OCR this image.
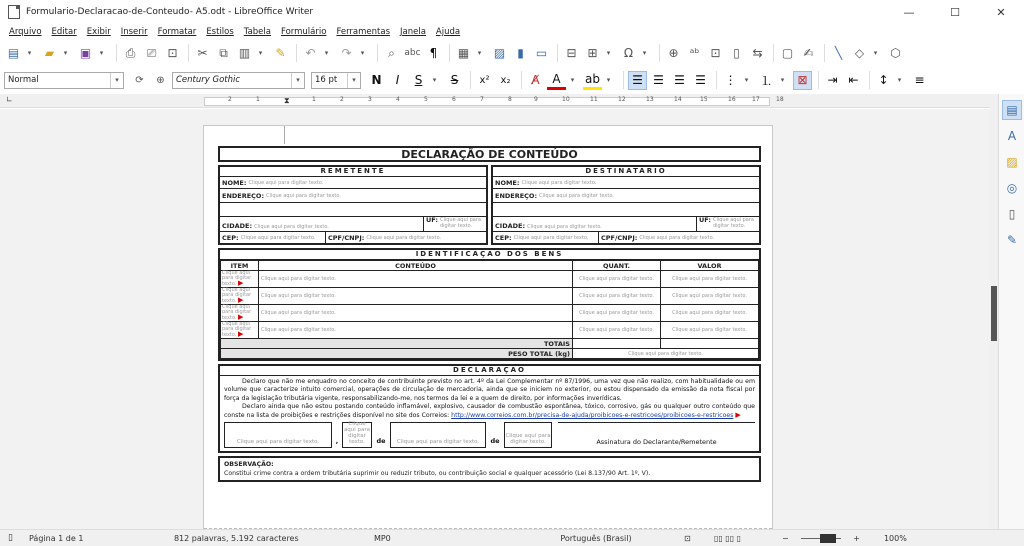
Formulario-Declaracao-de-Conteudo- A5.odt - LibreOffice Writer	—	☐	✕
Arquivo	Editar	Exibir	Inserir	Formatar	Estilos	Tabela	Formulário	Ferramentas	Janela	Ajuda
▤	▾	▰	▾	▣	▾	⎙ ⎚ ⊡	✂ ⧉ ▥	▾	✎	↶	▾	↷	▾	⌕	abc ¶	▦	▾	▨	▮	▭	⊟ ⊞	▾	Ω	▾	⊕ ᵃᵇ ⊡	▯	⇆	▢ ✍	╲	◇	▾	⬡
Normal	▾	⟳	⊕	Century Gothic	▾	16 pt	▾	N	I	S	▾	S	x²	x₂	A̸	A	▾ ab ▾	☰ ☰ ☰ ☰	⋮	▾ ⒈	▾	⊠	⇥ ⇤	↕	▾	≡
∟	2	1	⧗	1	2	3	4	5	6	7	8	9	10	11	12	13	14	15	16	17	18
DECLARAÇÃO DE CONTEÚDO
REMETENTE
NOME: Clique aqui para digitar texto.
ENDEREÇO: Clique aqui para digitar texto.
CIDADE: Clique aqui para digitar texto.
UF: Clique aqui para digitar texto.
CEP: Clique aqui para digitar texto. CPF/CNPJ: Clique aqui para digitar texto.
DESTINATARIO
NOME: Clique aqui para digitar texto.
ENDEREÇO: Clique aqui para digitar texto.
CIDADE: Clique aqui para digitar texto.
UF: Clique aqui para digitar texto.
CEP: Clique aqui para digitar texto. CPF/CNPJ: Clique aqui para digitar texto.
IDENTIFICAÇÃO DOS BENS
ITEM	CONTEÚDO	QUANT.	VALOR
Clique aqui para digitar texto. ▶	Clique aqui para digitar texto.	Clique aqui para digitar texto.	Clique aqui para digitar texto.
Clique aqui para digitar texto. ▶	Clique aqui para digitar texto.	Clique aqui para digitar texto.	Clique aqui para digitar texto.
Clique aqui para digitar texto. ▶	Clique aqui para digitar texto.	Clique aqui para digitar texto.	Clique aqui para digitar texto.
Clique aqui para digitar texto. ▶	Clique aqui para digitar texto.	Clique aqui para digitar texto.	Clique aqui para digitar texto.
TOTAIS			
PESO TOTAL (kg)		Clique aqui para digitar texto.	
DECLARAÇÃO

Declaro que não me enquadro no conceito de contribuinte previsto no art. 4º da Lei Complementar nº 87/1996, uma vez que não realizo, com habitualidade ou em volume que caracterize intuito comercial, operações de circulação de mercadoria, ainda que se iniciem no exterior, ou estou dispensado da emissão da nota fiscal por força da legislação tributária vigente, responsabilizando-me, nos termos da lei e a quem de direito, por informações inverídicas.

Declaro ainda que não estou postando conteúdo inflamável, explosivo, causador de combustão espontânea, tóxico, corrosivo, gás ou qualquer outro conteúdo que conste na lista de proibições e restrições disponível no site dos Correios: http://www.correios.com.br/precisa-de-ajuda/proibicoes-e-restricoes/proibicoes-e-restricoes ▶

Clique aqui para digitar texto.	,
Clique aqui para digitar texto.	de	Clique aqui para digitar texto.	de
Clique aqui para digitar texto.	Assinatura do Declarante/Remetente
OBSERVAÇÃO:
Constitui crime contra a ordem tributária suprimir ou reduzir tributo, ou contribuição social e qualquer acessório (Lei 8.137/90 Art. 1º, V).
▤
A
▨
◎
▯
✎
▯	Página 1 de 1	812 palavras, 5.192 caracteres	MP0	Português (Brasil)	⊡	▯▯ ▯▯ ▯	−	+	100%
